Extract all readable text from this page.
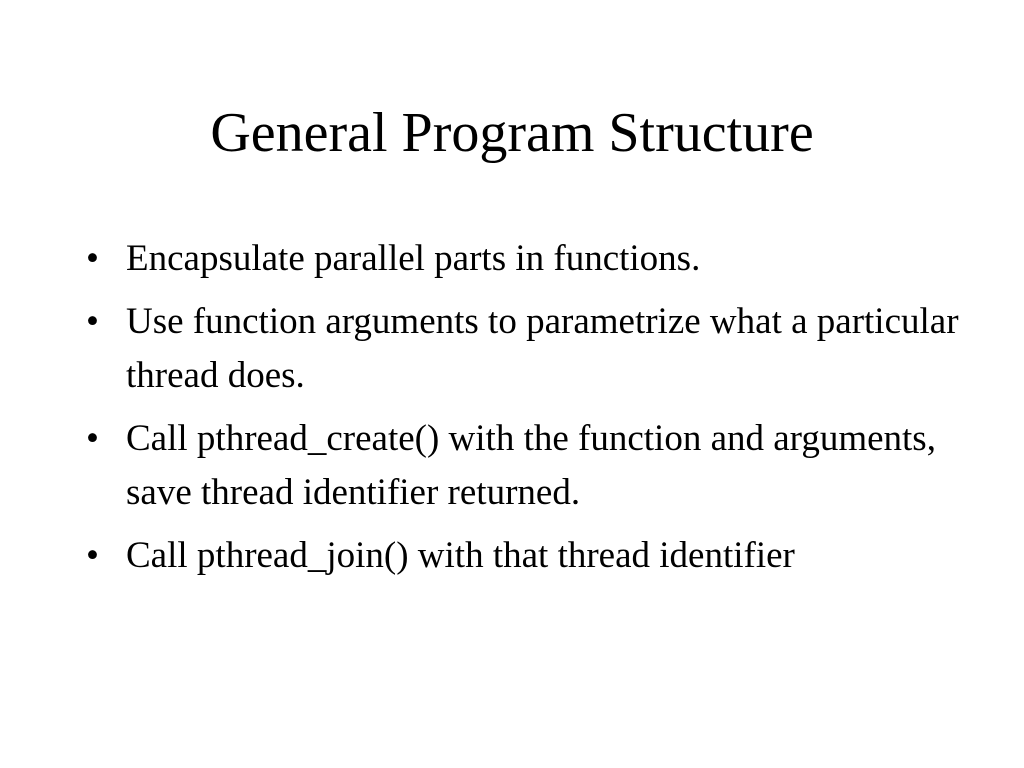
General Program Structure
• Encapsulate parallel parts in functions.
• Use function arguments to parametrize what a particular thread does.
• Call pthread_create() with the function and arguments, save thread identifier returned.
• Call pthread_join() with that thread identifier
